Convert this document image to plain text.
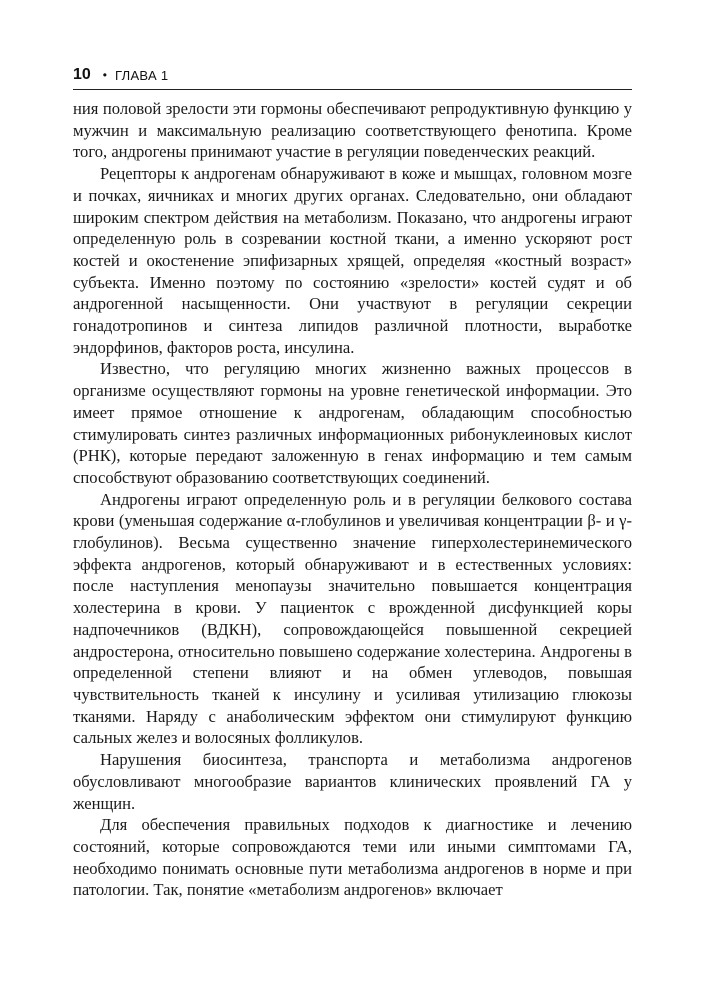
10 • ГЛАВА 1

ния половой зрелости эти гормоны обеспечивают репродуктивную функцию у мужчин и максимальную реализацию соответствующего фенотипа. Кроме того, андрогены принимают участие в регуляции поведенческих реакций.

Рецепторы к андрогенам обнаруживают в коже и мышцах, головном мозге и почках, яичниках и многих других органах. Следовательно, они обладают широким спектром действия на метаболизм. Показано, что андрогены играют определенную роль в созревании костной ткани, а именно ускоряют рост костей и окостенение эпифизарных хрящей, определяя «костный возраст» субъекта. Именно поэтому по состоянию «зрелости» костей судят и об андрогенной насыщенности. Они участвуют в регуляции секреции гонадотропинов и синтеза липидов различной плотности, выработке эндорфинов, факторов роста, инсулина.

Известно, что регуляцию многих жизненно важных процессов в организме осуществляют гормоны на уровне генетической информации. Это имеет прямое отношение к андрогенам, обладающим способностью стимулировать синтез различных информационных рибонуклеиновых кислот (РНК), которые передают заложенную в генах информацию и тем самым способствуют образованию соответствующих соединений.

Андрогены играют определенную роль и в регуляции белкового состава крови (уменьшая содержание α-глобулинов и увеличивая концентрации β- и γ-глобулинов). Весьма существенно значение гиперхолестеринемического эффекта андрогенов, который обнаруживают и в естественных условиях: после наступления менопаузы значительно повышается концентрация холестерина в крови. У пациенток с врожденной дисфункцией коры надпочечников (ВДКН), сопровождающейся повышенной секрецией андростерона, относительно повышено содержание холестерина. Андрогены в определенной степени влияют и на обмен углеводов, повышая чувствительность тканей к инсулину и усиливая утилизацию глюкозы тканями. Наряду с анаболическим эффектом они стимулируют функцию сальных желез и волосяных фолликулов.

Нарушения биосинтеза, транспорта и метаболизма андрогенов обусловливают многообразие вариантов клинических проявлений ГА у женщин.

Для обеспечения правильных подходов к диагностике и лечению состояний, которые сопровождаются теми или иными симптомами ГА, необходимо понимать основные пути метаболизма андрогенов в норме и при патологии. Так, понятие «метаболизм андрогенов» включает
